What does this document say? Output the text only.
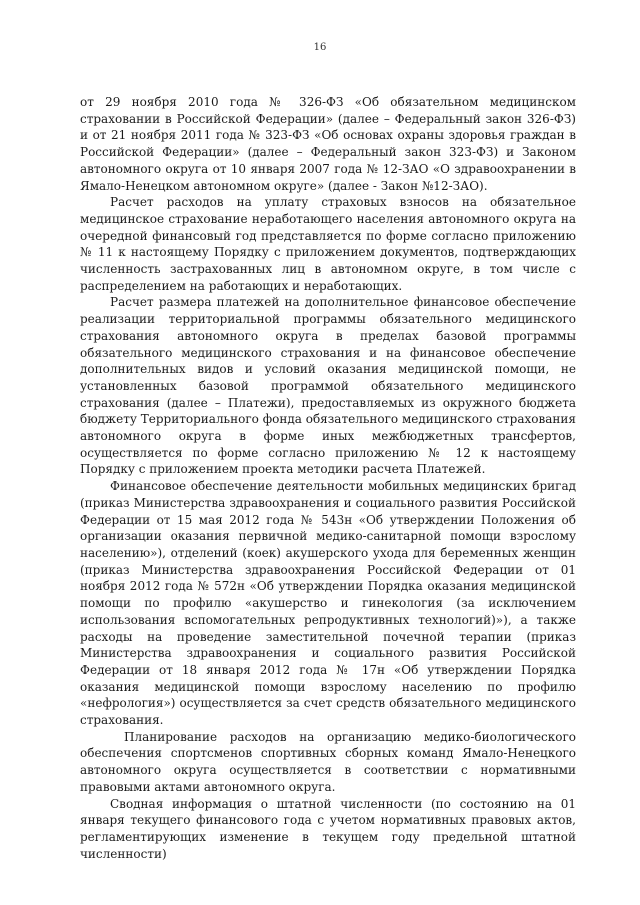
16

от 29 ноября 2010 года № 326-ФЗ «Об обязательном медицинском страховании в Российской Федерации» (далее – Федеральный закон 326-ФЗ) и от 21 ноября 2011 года № 323-ФЗ «Об основах охраны здоровья граждан в Российской Федерации» (далее – Федеральный закон 323-ФЗ) и Законом автономного округа от 10 января 2007 года № 12-ЗАО «О здравоохранении в Ямало-Ненецком автономном округе» (далее - Закон №12-ЗАО).

Расчет расходов на уплату страховых взносов на обязательное медицинское страхование неработающего населения автономного округа на очередной финансовый год представляется по форме согласно приложению № 11 к настоящему Порядку с приложением документов, подтверждающих численность застрахованных лиц в автономном округе, в том числе с распределением на работающих и неработающих.

Расчет размера платежей на дополнительное финансовое обеспечение реализации территориальной программы обязательного медицинского страхования автономного округа в пределах базовой программы обязательного медицинского страхования и на финансовое обеспечение дополнительных видов и условий оказания медицинской помощи, не установленных базовой программой обязательного медицинского страхования (далее – Платежи), предоставляемых из окружного бюджета бюджету Территориального фонда обязательного медицинского страхования автономного округа в форме иных межбюджетных трансфертов, осуществляется по форме согласно приложению № 12 к настоящему Порядку с приложением проекта методики расчета Платежей.

Финансовое обеспечение деятельности мобильных медицинских бригад (приказ Министерства здравоохранения и социального развития Российской Федерации от 15 мая 2012 года № 543н «Об утверждении Положения об организации оказания первичной медико-санитарной помощи взрослому населению»), отделений (коек) акушерского ухода для беременных женщин (приказ Министерства здравоохранения Российской Федерации от 01 ноября 2012 года № 572н «Об утверждении Порядка оказания медицинской помощи по профилю «акушерство и гинекология (за исключением использования вспомогательных репродуктивных технологий)»), а также расходы на проведение заместительной почечной терапии (приказ Министерства здравоохранения и социального развития Российской Федерации от 18 января 2012 года № 17н «Об утверждении Порядка оказания медицинской помощи взрослому населению по профилю «нефрология») осуществляется за счет средств обязательного медицинского страхования.

Планирование расходов на организацию медико-биологического обеспечения спортсменов спортивных сборных команд Ямало-Ненецкого автономного округа осуществляется в соответствии с нормативными правовыми актами автономного округа.

Сводная информация о штатной численности (по состоянию на 01 января текущего финансового года с учетом нормативных правовых актов, регламентирующих изменение в текущем году предельной штатной численности)
